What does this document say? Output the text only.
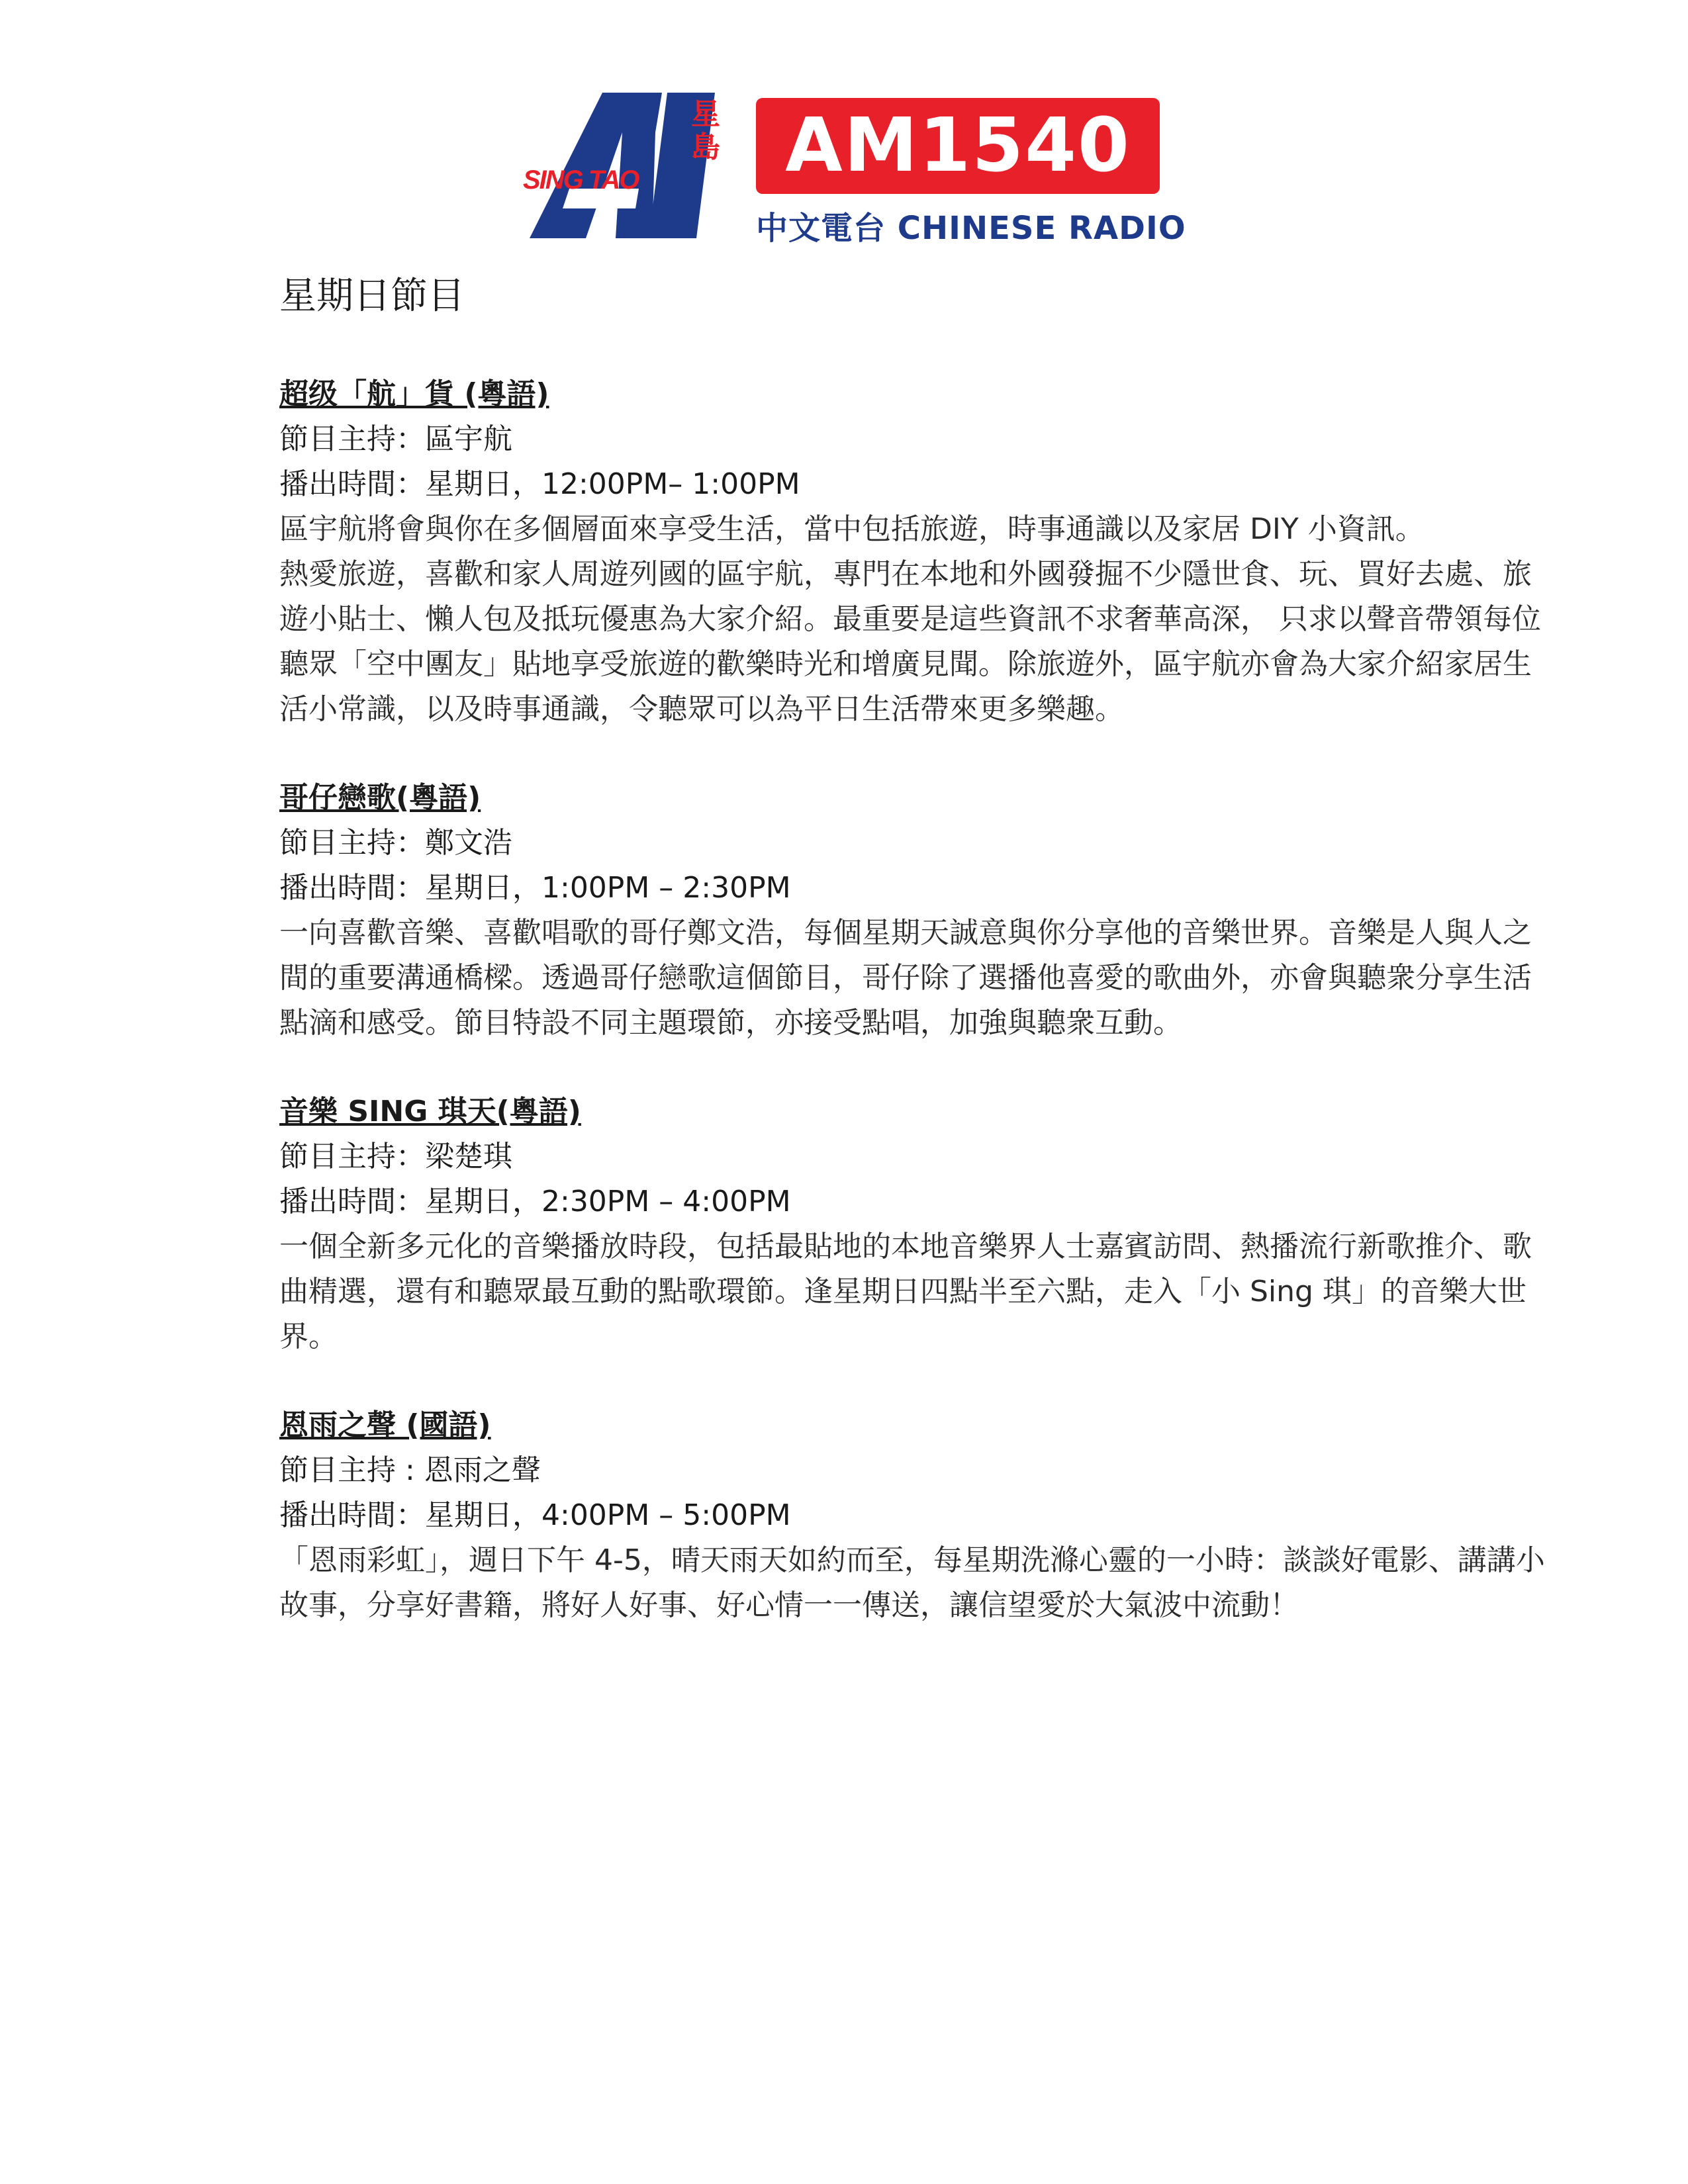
SING TAO
星島 AM1540
中文電台 CHINESE RADIO
星期日節目
超级「航」貨 (粵語)
節目主持：區宇航
播出時間：星期日，12:00PM– 1:00PM
區宇航將會與你在多個層面來享受生活，當中包括旅遊，時事通識以及家居 DIY 小資訊。
熱愛旅遊，喜歡和家人周遊列國的區宇航，專門在本地和外國發掘不少隱世食、玩、買好去處、旅遊小貼士、懶人包及抵玩優惠為大家介紹。最重要是這些資訊不求奢華高深， 只求以聲音帶領每位聽眾「空中團友」貼地享受旅遊的歡樂時光和增廣見聞。除旅遊外，區宇航亦會為大家介紹家居生活小常識，以及時事通識，令聽眾可以為平日生活帶來更多樂趣。
哥仔戀歌(粵語)
節目主持：鄭文浩
播出時間：星期日，1:00PM – 2:30PM
一向喜歡音樂、喜歡唱歌的哥仔鄭文浩，每個星期天誠意與你分享他的音樂世界。音樂是人與人之間的重要溝通橋樑。透過哥仔戀歌這個節目，哥仔除了選播他喜愛的歌曲外，亦會與聽衆分享生活點滴和感受。節目特設不同主題環節，亦接受點唱，加強與聽衆互動。
音樂 SING 琪天(粵語)
節目主持：梁楚琪
播出時間：星期日，2:30PM – 4:00PM
一個全新多元化的音樂播放時段，包括最貼地的本地音樂界人士嘉賓訪問、熱播流行新歌推介、歌曲精選，還有和聽眾最互動的點歌環節。逢星期日四點半至六點，走入「小 Sing 琪」的音樂大世界。
恩雨之聲 (國語)
節目主持 : 恩雨之聲
播出時間：星期日，4:00PM – 5:00PM
「恩雨彩虹」，週日下午 4-5，晴天雨天如約而至，每星期洗滌心靈的一小時：談談好電影、講講小故事，分享好書籍，將好人好事、好心情一一傳送，讓信望愛於大氣波中流動！
